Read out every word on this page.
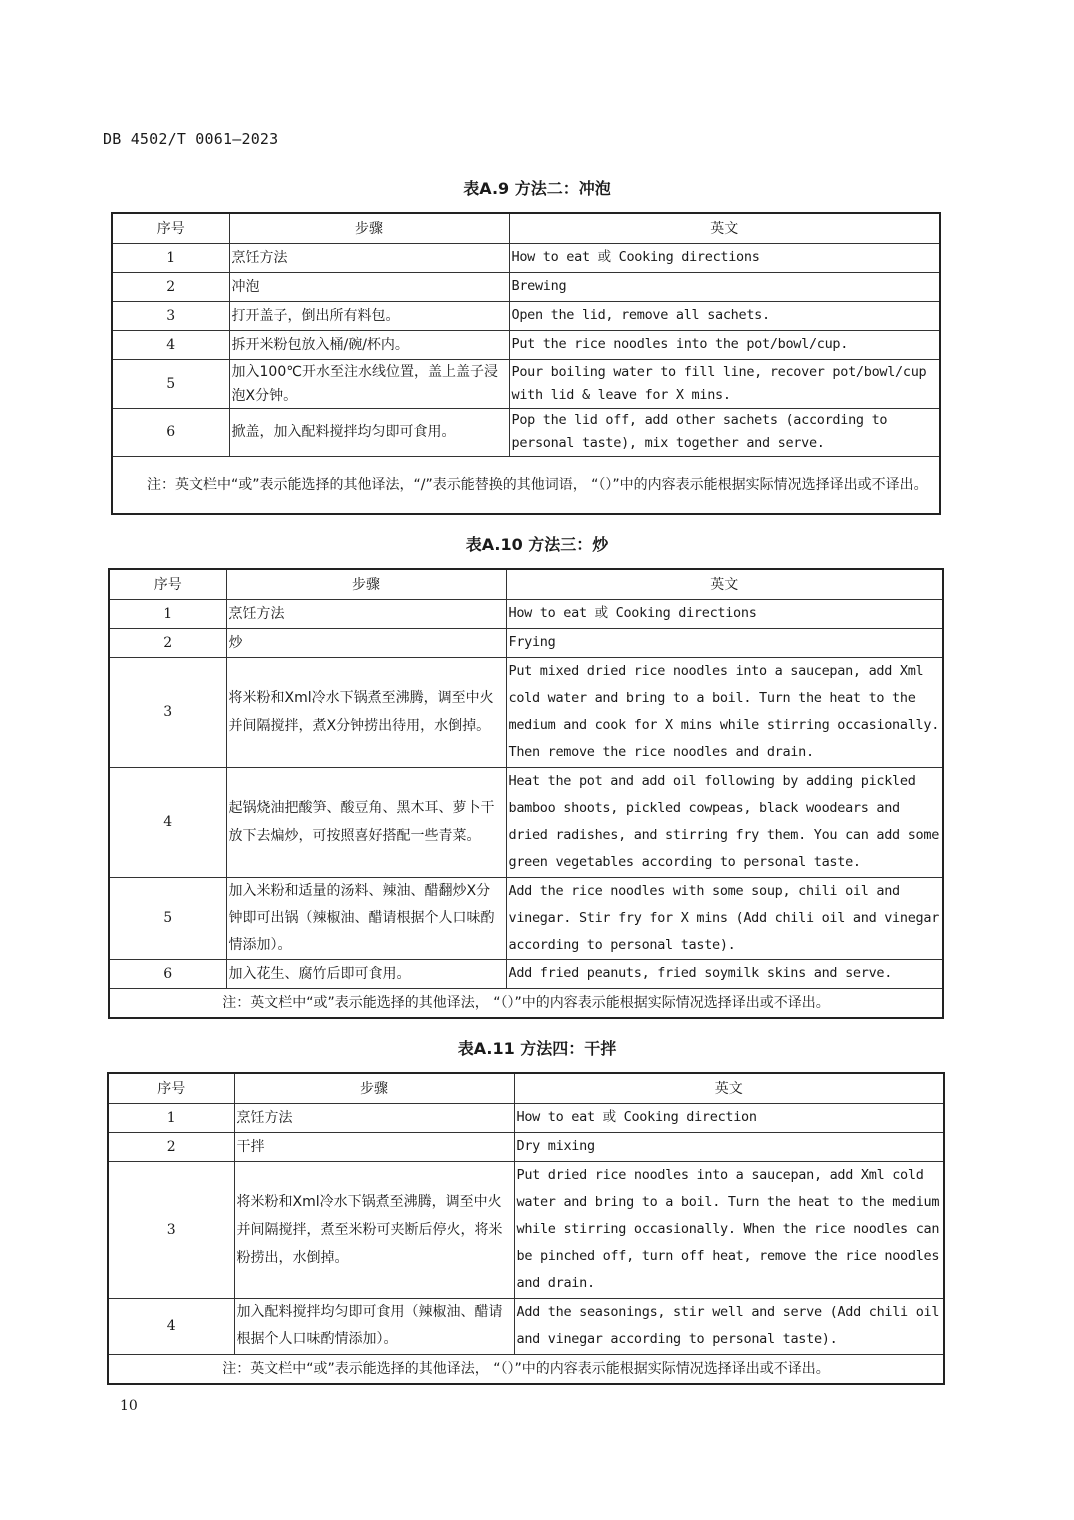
DB 4502/T 0061—2023
表A.9 方法二：冲泡
序号	步骤	英文
1	烹饪方法	How to eat 或 Cooking directions
2	冲泡	Brewing
3	打开盖子，倒出所有料包。	Open the lid, remove all sachets.
4	拆开米粉包放入桶/碗/杯内。	Put the rice noodles into the pot/bowl/cup.
5	加入100℃开水至注水线位置，盖上盖子浸泡X分钟。	Pour boiling water to fill line, recover pot/bowl/cup with lid & leave for X mins.
6	掀盖，加入配料搅拌均匀即可食用。	Pop the lid off, add other sachets (according to personal taste), mix together and serve.

注： 英文栏中“或”表示能选择的其他译法，“/”表示能替换的其他词语， “（）”中的内容表示能根据实际情况选择译出或不译出。		
表A.10 方法三：炒
序号	步骤	英文
1	烹饪方法	How to eat 或 Cooking directions
2	炒	Frying
3	将米粉和Xml冷水下锅煮至沸腾，调至中火并间隔搅拌，煮X分钟捞出待用，水倒掉。	Put mixed dried rice noodles into a saucepan, add Xml cold water and bring to a boil. Turn the heat to the medium and cook for X mins while stirring occasionally. Then remove the rice noodles and drain.
4	起锅烧油把酸笋、酸豆角、黑木耳、萝卜干放下去煸炒，可按照喜好搭配一些青菜。	Heat the pot and add oil following by adding pickled bamboo shoots, pickled cowpeas, black woodears and dried radishes, and stirring fry them. You can add some green vegetables according to personal taste.
5	加入米粉和适量的汤料、辣油、醋翻炒X分钟即可出锅（辣椒油、醋请根据个人口味酌情添加）。	Add the rice noodles with some soup, chili oil and vinegar. Stir fry for X mins (Add chili oil and vinegar according to personal taste).
6	加入花生、腐竹后即可食用。	Add fried peanuts, fried soymilk skins and serve.
注：英文栏中“或”表示能选择的其他译法， “（）”中的内容表示能根据实际情况选择译出或不译出。		
表A.11 方法四：干拌
序号	步骤	英文
1	烹饪方法	How to eat 或 Cooking direction
2	干拌	Dry mixing
3	将米粉和Xml冷水下锅煮至沸腾，调至中火并间隔搅拌，煮至米粉可夹断后停火，将米粉捞出，水倒掉。	Put dried rice noodles into a saucepan, add Xml cold water and bring to a boil. Turn the heat to the medium while stirring occasionally. When the rice noodles can be pinched off, turn off heat, remove the rice noodles and drain.
4	加入配料搅拌均匀即可食用（辣椒油、醋请根据个人口味酌情添加）。	Add the seasonings, stir well and serve (Add chili oil and vinegar according to personal taste).
注：英文栏中“或”表示能选择的其他译法， “（）”中的内容表示能根据实际情况选择译出或不译出。		
10
